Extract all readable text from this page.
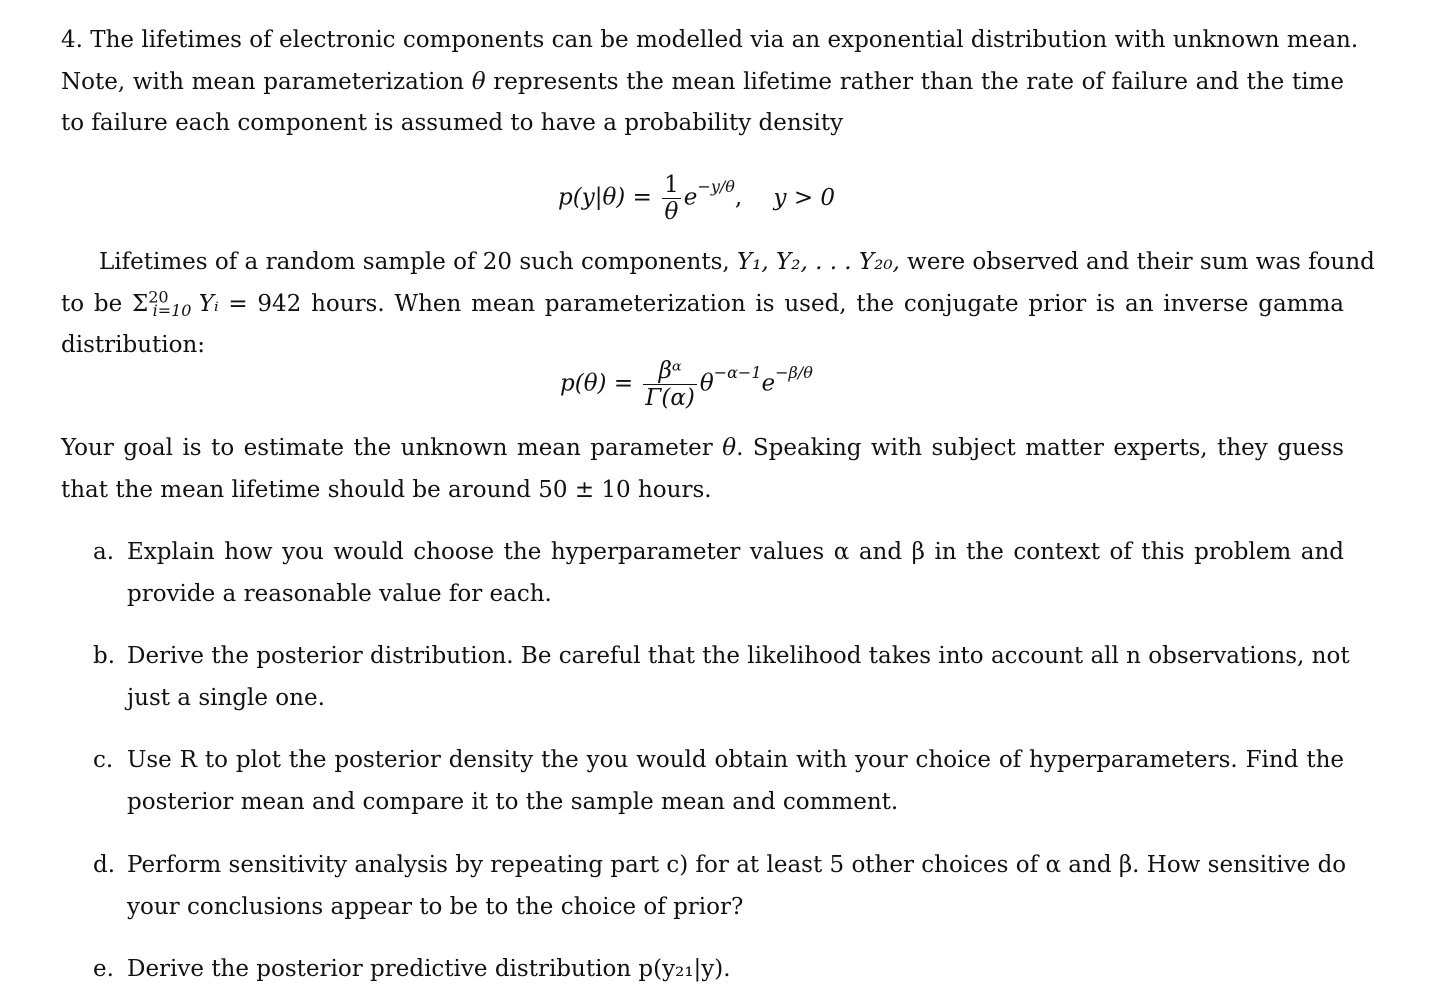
4. The lifetimes of electronic components can be modelled via an exponential distribution with unknown mean.
Note, with mean parameterization θ represents the mean lifetime rather than the rate of failure and the time
to failure each component is assumed to have a probability density
$p(y|\theta) = \frac{1}{\theta} e^{-y/\theta}$, y > 0
Lifetimes of a random sample of 20 such components, Y₁, Y₂, . . . Y₂₀, were observed and their sum was found
to be $\Sigma^{20}_{i=10}$ Yᵢ = 942 hours. When mean parameterization is used, the conjugate prior is an inverse gamma
distribution:
$p(\theta) = \frac{\text{βᵅ}}{\Gamma(\alpha)} \theta^{-\alpha-1}e^{-\beta/\theta}$
Your goal is to estimate the unknown mean parameter θ. Speaking with subject matter experts, they guess
that the mean lifetime should be around 50 ± 10 hours.
a. Explain how you would choose the hyperparameter values α and β in the context of this problem and
provide a reasonable value for each.
b. Derive the posterior distribution. Be careful that the likelihood takes into account all n observations, not
just a single one.
c. Use R to plot the posterior density the you would obtain with your choice of hyperparameters. Find the
posterior mean and compare it to the sample mean and comment.
d. Perform sensitivity analysis by repeating part c) for at least 5 other choices of α and β. How sensitive do
your conclusions appear to be to the choice of prior?
e. Derive the posterior predictive distribution p(y₂₁|y).
